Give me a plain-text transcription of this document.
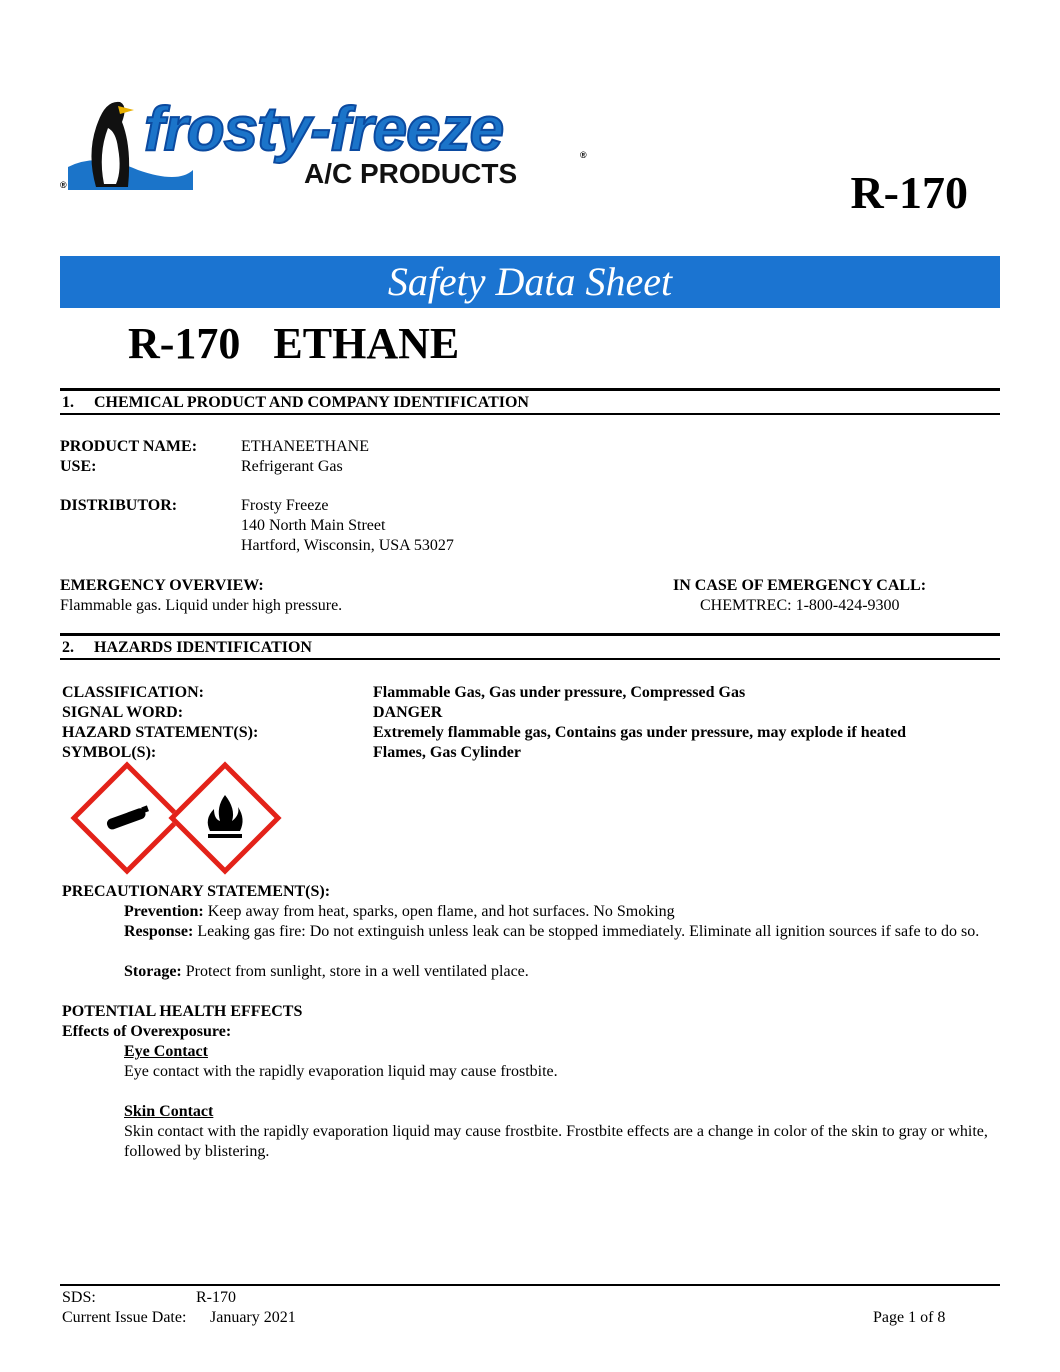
®
frosty-freeze	®
A/C PRODUCTS	R-170
Safety Data Sheet
R-170 ETHANE
1. CHEMICAL PRODUCT AND COMPANY IDENTIFICATION
PRODUCT NAME:	ETHANEETHANE
USE:	Refrigerant Gas
DISTRIBUTOR:	Frosty Freeze
140 North Main Street
Hartford, Wisconsin, USA 53027
EMERGENCY OVERVIEW:
Flammable gas. Liquid under high pressure.
IN CASE OF EMERGENCY CALL:
CHEMTREC: 1-800-424-9300
2. HAZARDS IDENTIFICATION
CLASSIFICATION:	Flammable Gas, Gas under pressure, Compressed Gas
SIGNAL WORD:	DANGER
HAZARD STATEMENT(S):	Extremely flammable gas, Contains gas under pressure, may explode if heated
SYMBOL(S):	Flames, Gas Cylinder
PRECAUTIONARY STATEMENT(S):
Prevention: Keep away from heat, sparks, open flame, and hot surfaces. No Smoking
Response: Leaking gas fire: Do not extinguish unless leak can be stopped immediately. Eliminate all ignition sources if safe to do so.
Storage: Protect from sunlight, store in a well ventilated place.
POTENTIAL HEALTH EFFECTS
Effects of Overexposure:
Eye Contact
Eye contact with the rapidly evaporation liquid may cause frostbite.
Skin Contact
Skin contact with the rapidly evaporation liquid may cause frostbite. Frostbite effects are a change in color of the skin to gray or white, followed by blistering.
SDS:	R-170
Current Issue Date: January 2021	Page 1 of 8
